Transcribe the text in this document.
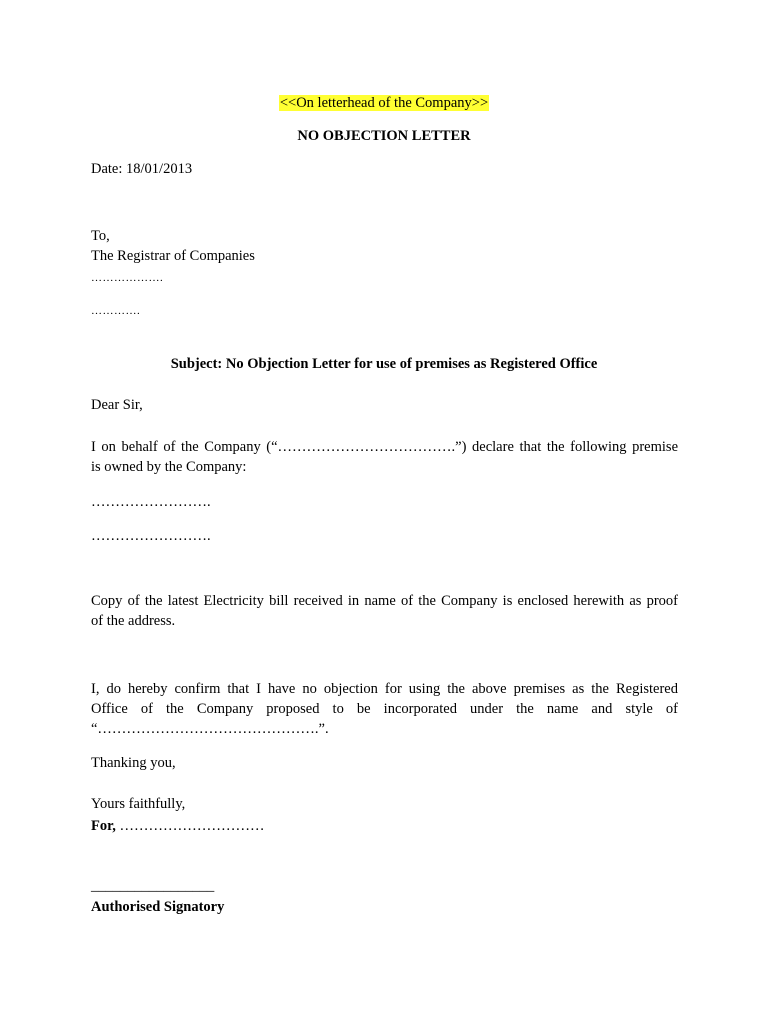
<<On letterhead of the Company>>
NO OBJECTION LETTER
Date: 18/01/2013
To,
The Registrar of Companies
……………….
………….
Subject: No Objection Letter for use of premises as Registered Office
Dear Sir,
I on behalf of the Company (“……………………………….”) declare that the following premise
is owned by the Company:
…………………….
…………………….
Copy of the latest Electricity bill received in name of the Company is enclosed herewith as proof
of the address.
I, do hereby confirm that I have no objection for using the above premises as the Registered
Office of the Company proposed to be incorporated under the name and style of
“……………………………………….”.
Thanking you,
Yours faithfully,
For, …………………………
_________________
Authorised Signatory
